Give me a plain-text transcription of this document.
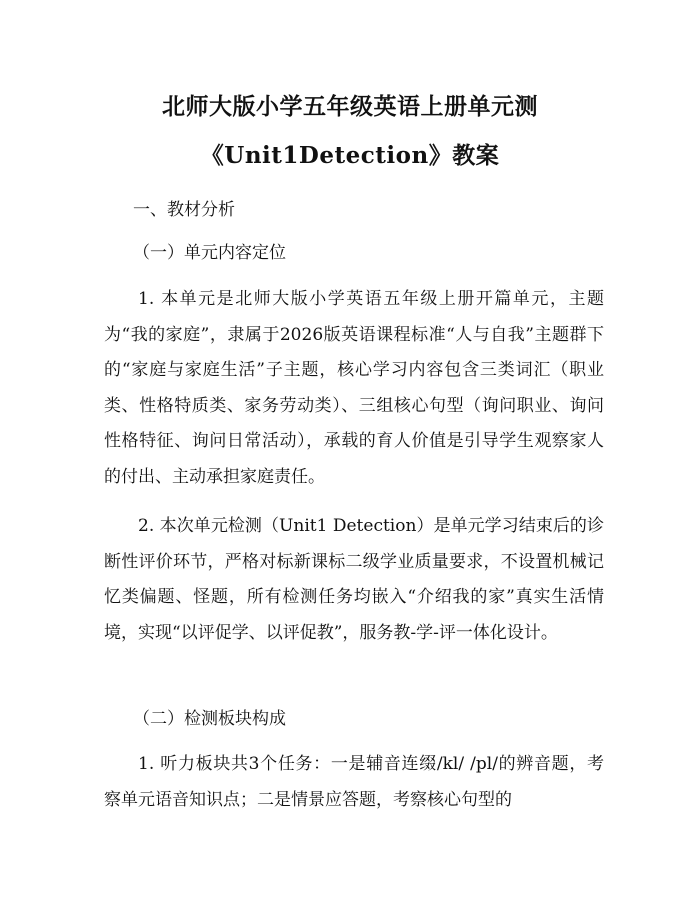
北师大版小学五年级英语上册单元测
《Unit1Detection》教案
一、教材分析
（一）单元内容定位
1. 本单元是北师大版小学英语五年级上册开篇单元，主题为“我的家庭”，隶属于2026版英语课程标准“人与自我”主题群下的“家庭与家庭生活”子主题，核心学习内容包含三类词汇（职业类、性格特质类、家务劳动类）、三组核心句型（询问职业、询问性格特征、询问日常活动），承载的育人价值是引导学生观察家人的付出、主动承担家庭责任。
2. 本次单元检测（Unit1 Detection）是单元学习结束后的诊断性评价环节，严格对标新课标二级学业质量要求，不设置机械记忆类偏题、怪题，所有检测任务均嵌入“介绍我的家”真实生活情境，实现“以评促学、以评促教”，服务教-学-评一体化设计。
（二）检测板块构成
1. 听力板块共3个任务：一是辅音连缀/kl/ /pl/的辨音题，考察单元语音知识点；二是情景应答题，考察核心句型的
